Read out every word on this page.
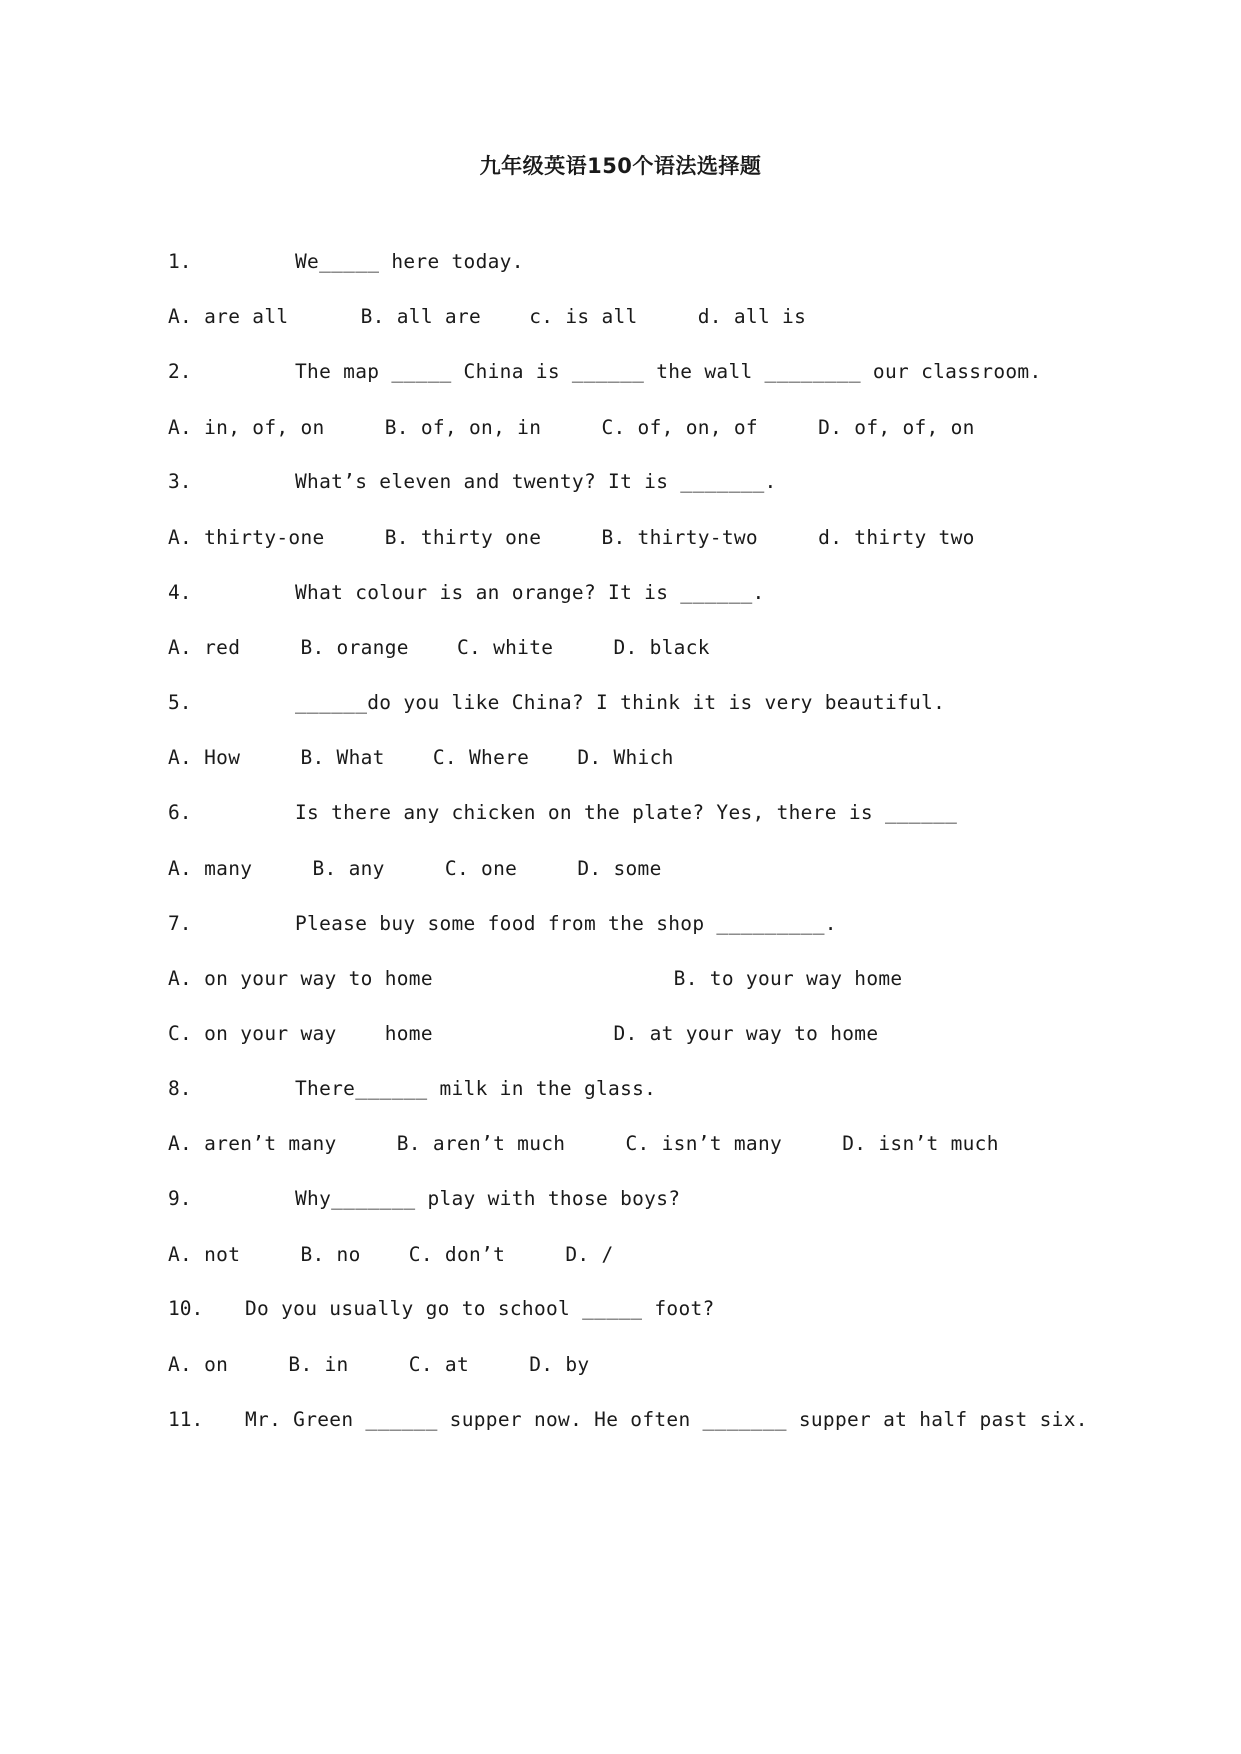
九年级英语150个语法选择题
1.	We_____ here today.
A. are all      B. all are    c. is all     d. all is
2.	The map _____ China is ______ the wall ________ our classroom.
A. in, of, on     B. of, on, in     C. of, on, of     D. of, of, on
3.	What’s eleven and twenty? It is _______.
A. thirty-one     B. thirty one     B. thirty-two     d. thirty two
4.	What colour is an orange? It is ______.
A. red     B. orange    C. white     D. black
5.	______do you like China? I think it is very beautiful.
A. How     B. What    C. Where    D. Which
6.	Is there any chicken on the plate? Yes, there is ______
A. many     B. any     C. one     D. some
7.	Please buy some food from the shop _________.
A. on your way to home                    B. to your way home
C. on your way    home               D. at your way to home
8.	There______ milk in the glass.
A. aren’t many     B. aren’t much     C. isn’t many     D. isn’t much
9.	Why_______ play with those boys?
A. not     B. no    C. don’t     D. /
10. Do you usually go to school _____ foot?
A. on     B. in     C. at     D. by
11. Mr. Green ______ supper now. He often _______ supper at half past six.
